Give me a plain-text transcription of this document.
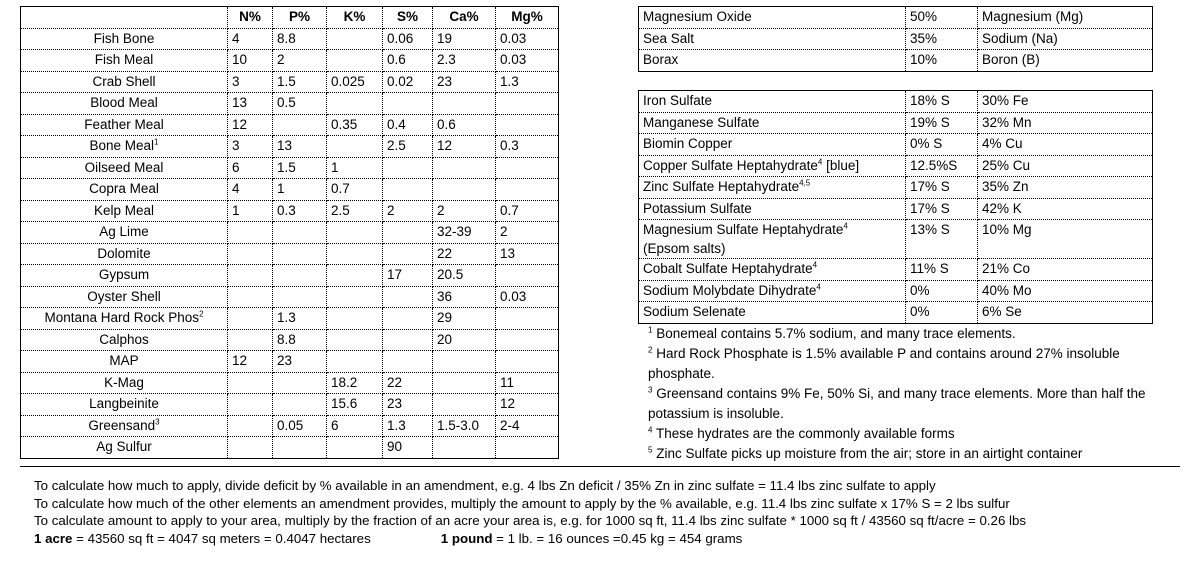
	N%	P%	K%	S%	Ca%	Mg%
Fish Bone	4	8.8		0.06	19	0.03
Fish Meal	10	2		0.6	2.3	0.03
Crab Shell	3	1.5	0.025	0.02	23	1.3
Blood Meal	13	0.5				
Feather Meal	12		0.35	0.4	0.6	
Bone Meal$^1$	3	13		2.5	12	0.3
Oilseed Meal	6	1.5	1			
Copra Meal	4	1	0.7			
Kelp Meal	1	0.3	2.5	2	2	0.7
Ag Lime					32-39	2
Dolomite					22	13
Gypsum				17	20.5	
Oyster Shell					36	0.03
Montana Hard Rock Phos$^2$		1.3			29	
Calphos		8.8			20	
MAP	12	23				
K-Mag			18.2	22		11
Langbeinite			15.6	23		12
Greensand$^3$		0.05	6	1.3	1.5-3.0	2-4
Ag Sulfur				90		
Magnesium Oxide	50%	Magnesium (Mg)
Sea Salt	35%	Sodium (Na)
Borax	10%	Boron (B)
Iron Sulfate	18% S	30% Fe
Manganese Sulfate	19% S	32% Mn
Biomin Copper	0% S	4% Cu
Copper Sulfate Heptahydrate$^4$ [blue]	12.5%S	25% Cu
Zinc Sulfate Heptahydrate$^{4,5}$	17% S	35% Zn
Potassium Sulfate	17% S	42% K
Magnesium Sulfate Heptahydrate$^4$
(Epsom salts)	13% S	10% Mg
Cobalt Sulfate Heptahydrate$^4$	11% S	21% Co
Sodium Molybdate Dihydrate$^4$	0%	40% Mo
Sodium Selenate	0%	6% Se
$^1$ Bonemeal contains 5.7% sodium, and many trace elements.
$^2$ Hard Rock Phosphate is 1.5% available P and contains around 27% insoluble phosphate.
$^3$ Greensand contains 9% Fe, 50% Si, and many trace elements. More than half the potassium is insoluble.
$^4$ These hydrates are the commonly available forms
$^5$ Zinc Sulfate picks up moisture from the air; store in an airtight container
To calculate how much to apply, divide deficit by % available in an amendment, e.g. 4 lbs Zn deficit / 35% Zn in zinc sulfate = 11.4 lbs zinc sulfate to apply
To calculate how much of the other elements an amendment provides, multiply the amount to apply by the % available, e.g. 11.4 lbs zinc sulfate x 17% S = 2 lbs sulfur
To calculate amount to apply to your area, multiply by the fraction of an acre your area is, e.g. for 1000 sq ft, 11.4 lbs zinc sulfate * 1000 sq ft / 43560 sq ft/acre = 0.26 lbs
1 acre = 43560 sq ft = 4047 sq meters = 0.4047 hectares	1 pound = 1 lb. = 16 ounces =0.45 kg = 454 grams
